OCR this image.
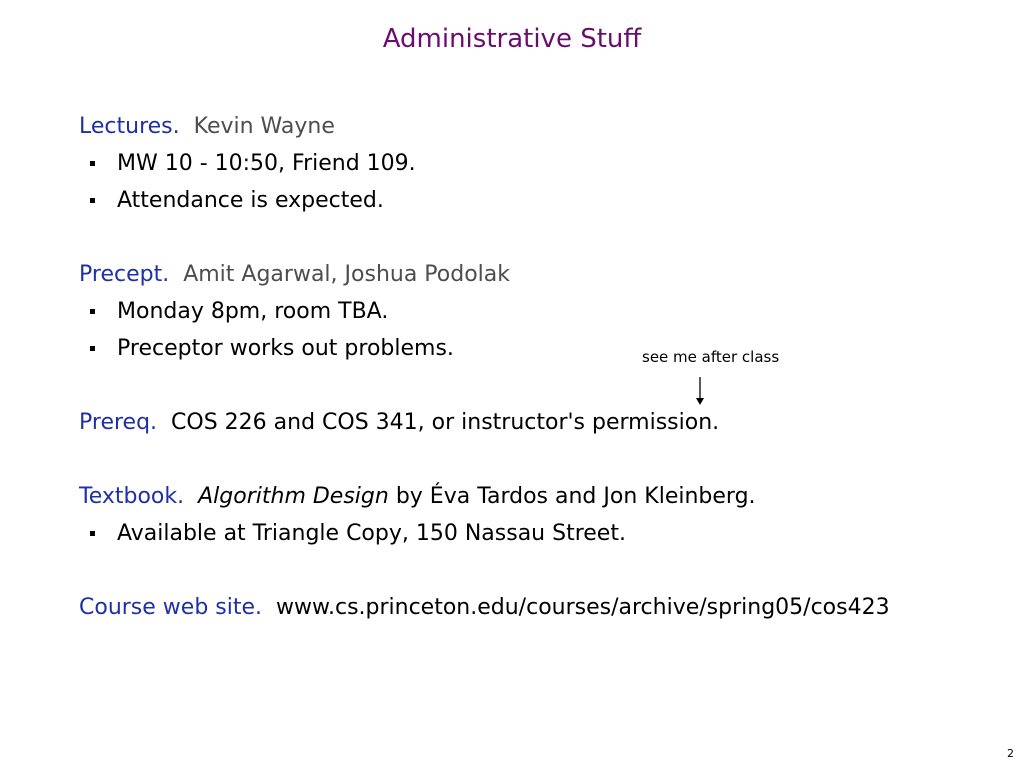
Administrative Stuff
Lectures. Kevin Wayne
MW 10 - 10:50, Friend 109.
Attendance is expected.
Precept. Amit Agarwal, Joshua Podolak
Monday 8pm, room TBA.
Preceptor works out problems.	see me after class
Prereq. COS 226 and COS 341, or instructor's permission.
Textbook. Algorithm Design by Éva Tardos and Jon Kleinberg.
Available at Triangle Copy, 150 Nassau Street.
Course web site. www.cs.princeton.edu/courses/archive/spring05/cos423
2
